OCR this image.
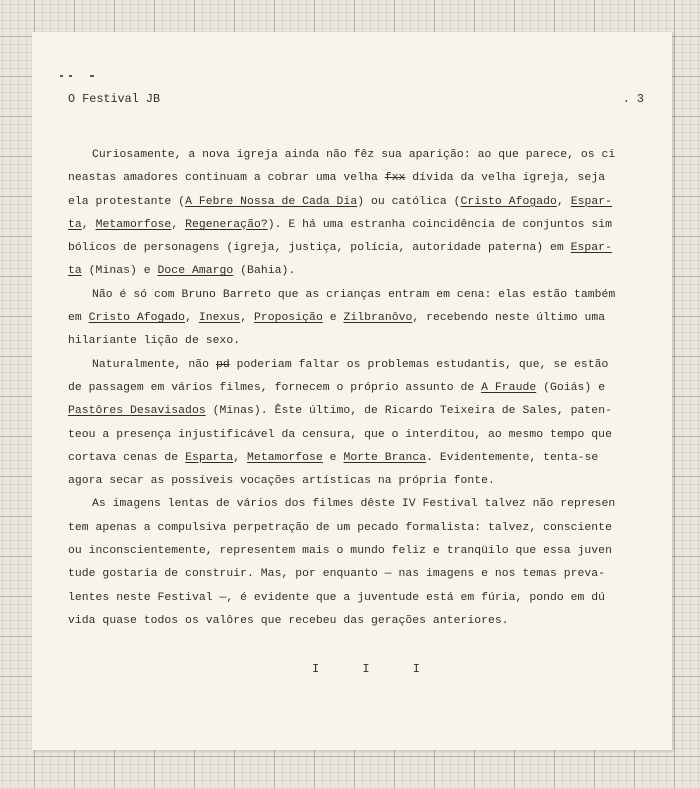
O Festival JB	. 3
Curiosamente, a nova igreja ainda não fêz sua aparição: ao que parece, os ci
neastas amadores continuam a cobrar uma velha fxx dívida da velha igreja, seja
ela protestante (A Febre Nossa de Cada Dia) ou católica (Cristo Afogado, Espar-
ta, Metamorfose, Regeneração?). E há uma estranha coincidência de conjuntos sim
bólicos de personagens (igreja, justiça, polícia, autoridade paterna) em Espar-
ta (Minas) e Doce Amargo (Bahia).
Não é só com Bruno Barreto que as crianças entram em cena: elas estão também
em Cristo Afogado, Inexus, Proposição e Zilbranôvo, recebendo neste último uma
hilariante lição de sexo.
Naturalmente, não pd poderiam faltar os problemas estudantis, que, se estão
de passagem em vários filmes, fornecem o próprio assunto de A Fraude (Goiás) e
Pastôres Desavisados (Minas). Êste último, de Ricardo Teixeira de Sales, paten-
teou a presença injustificável da censura, que o interditou, ao mesmo tempo que
cortava cenas de Esparta, Metamorfose e Morte Branca. Evidentemente, tenta-se
agora secar as possíveis vocações artísticas na própria fonte.
As imagens lentas de vários dos filmes dêste IV Festival talvez não represen
tem apenas a compulsiva perpetração de um pecado formalista: talvez, consciente
ou inconscientemente, representem mais o mundo feliz e tranqüilo que essa juven
tude gostaria de construir. Mas, por enquanto — nas imagens e nos temas preva-
lentes neste Festival —, é evidente que a juventude está em fúria, pondo em dú
vida quase todos os valôres que recebeu das gerações anteriores.
I I I
